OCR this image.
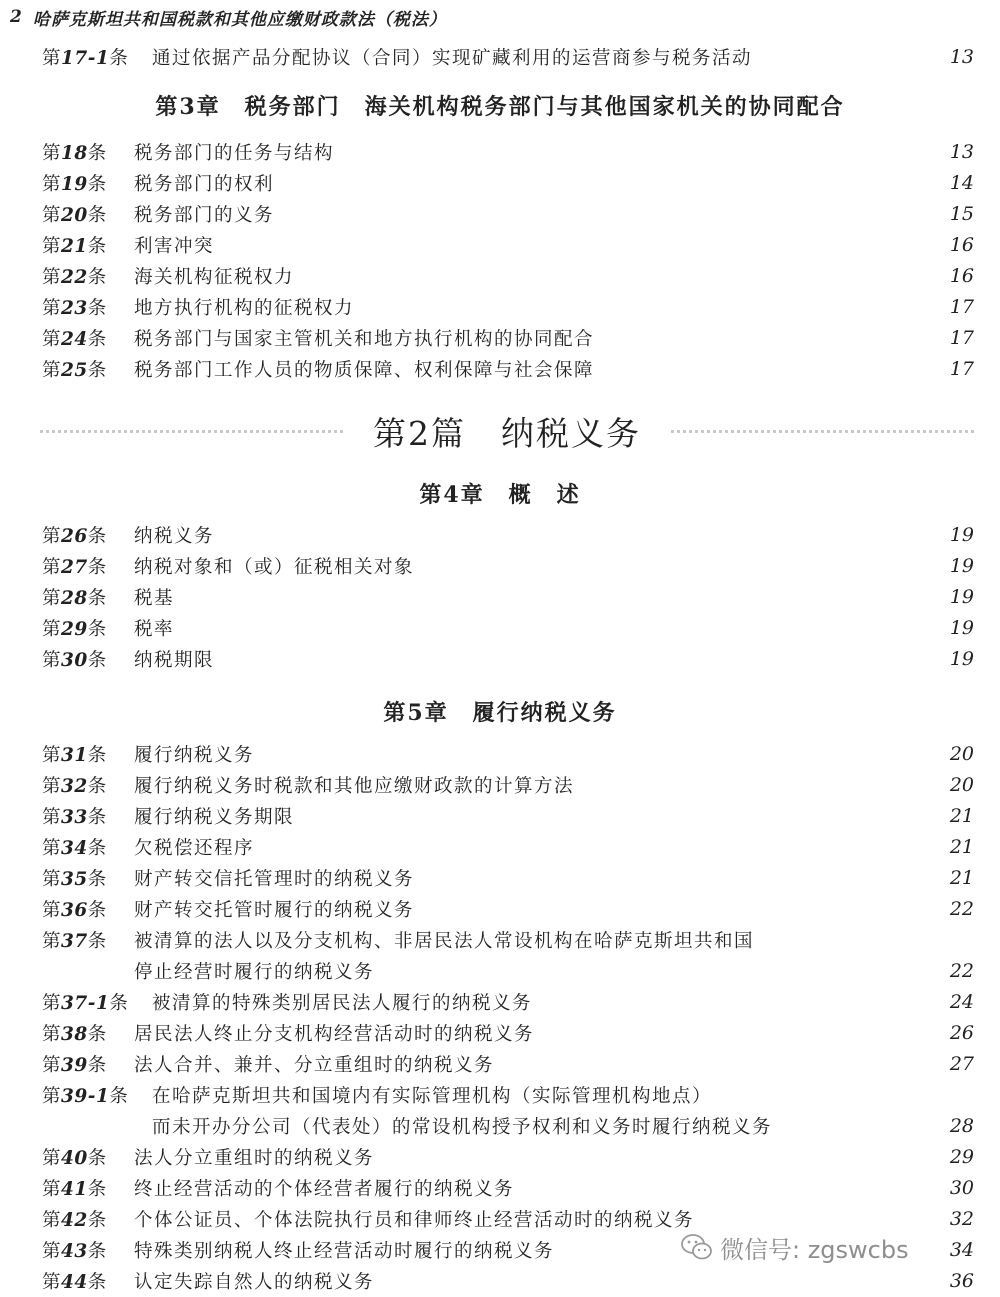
2 哈萨克斯坦共和国税款和其他应缴财政款法（税法）
第17-1条	通过依据产品分配协议（合同）实现矿藏利用的运营商参与税务活动	13
第3章　税务部门　海关机构税务部门与其他国家机关的协同配合
第18条	税务部门的任务与结构	13
第19条	税务部门的权利	14
第20条	税务部门的义务	15
第21条	利害冲突	16
第22条	海关机构征税权力	16
第23条	地方执行机构的征税权力	17
第24条	税务部门与国家主管机关和地方执行机构的协同配合	17
第25条	税务部门工作人员的物质保障、权利保障与社会保障	17
第2篇　纳税义务
第4章　概　述
第26条	纳税义务	19
第27条	纳税对象和（或）征税相关对象	19
第28条	税基	19
第29条	税率	19
第30条	纳税期限	19
第5章　履行纳税义务
第31条	履行纳税义务	20
第32条	履行纳税义务时税款和其他应缴财政款的计算方法	20
第33条	履行纳税义务期限	21
第34条	欠税偿还程序	21
第35条	财产转交信托管理时的纳税义务	21
第36条	财产转交托管时履行的纳税义务	22
第37条	被清算的法人以及分支机构、非居民法人常设机构在哈萨克斯坦共和国
停止经营时履行的纳税义务	22
第37-1条	被清算的特殊类别居民法人履行的纳税义务	24
第38条	居民法人终止分支机构经营活动时的纳税义务	26
第39条	法人合并、兼并、分立重组时的纳税义务	27
第39-1条	在哈萨克斯坦共和国境内有实际管理机构（实际管理机构地点）
而未开办分公司（代表处）的常设机构授予权利和义务时履行纳税义务	28
第40条	法人分立重组时的纳税义务	29
第41条	终止经营活动的个体经营者履行的纳税义务	30
第42条	个体公证员、个体法院执行员和律师终止经营活动时的纳税义务	32
第43条	特殊类别纳税人终止经营活动时履行的纳税义务	34
第44条	认定失踪自然人的纳税义务	36
微信号: zgswcbs
